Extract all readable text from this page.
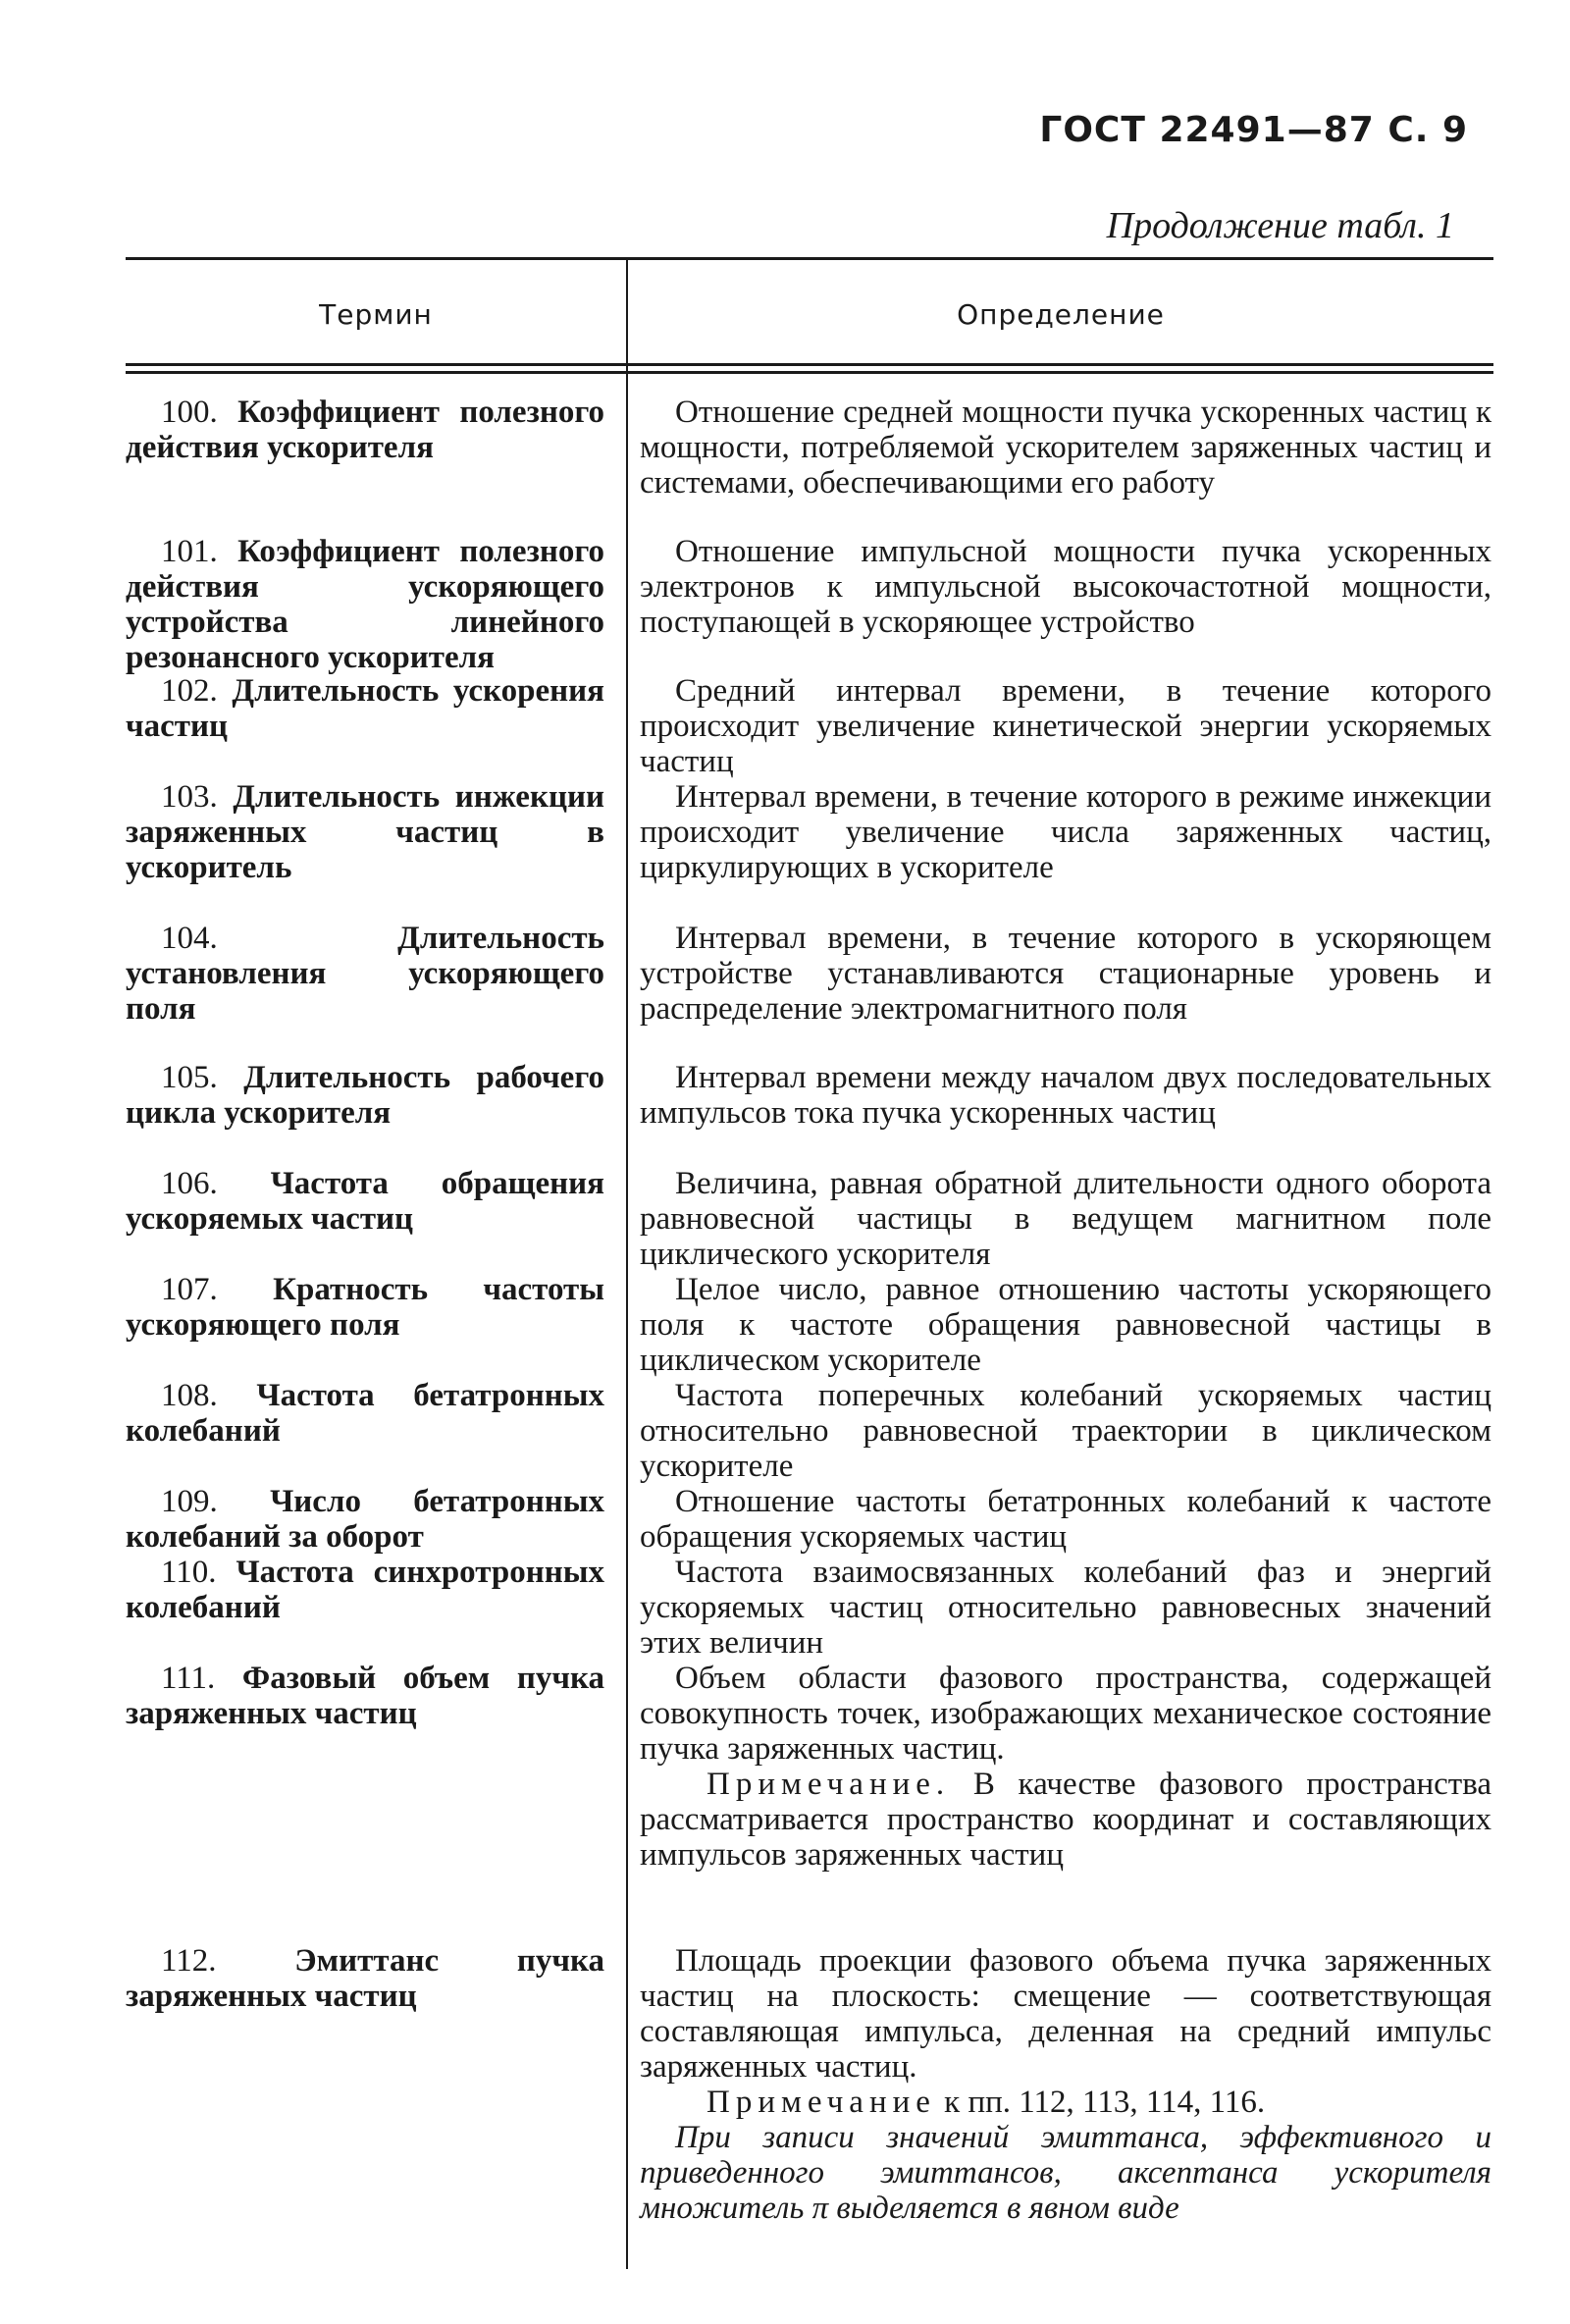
ГОСТ 22491—87 С. 9
Продолжение табл. 1
Термин	Определение

100. Коэффициент полезного действия ускорителя

Отношение средней мощности пучка ускоренных частиц к мощности, потребляемой ускорителем заряженных частиц и системами, обеспечивающими его работу

101. Коэффициент полезного действия ускоряющего устройства линейного резонансного ускорителя

Отношение импульсной мощности пучка ускоренных электронов к импульсной высокочастотной мощности, поступающей в ускоряющее устройство

102. Длительность ускорения частиц

Средний интервал времени, в течение которого происходит увеличение кинетической энергии ускоряемых частиц

103. Длительность инжекции заряженных частиц в ускоритель

Интервал времени, в течение которого в режиме инжекции происходит увеличение числа заряженных частиц, циркулирующих в ускорителе

104.	Длительность установления ускоряющего поля

Интервал времени, в течение которого в ускоряющем устройстве устанавливаются стационарные уровень и распределение электромагнитного поля

105. Длительность рабочего цикла ускорителя

Интервал времени между началом двух последовательных импульсов тока пучка ускоренных частиц

106. Частота обращения ускоряемых частиц

Величина, равная обратной длительности одного оборота равновесной частицы в ведущем магнитном поле циклического ускорителя

107. Кратность частоты ускоряющего поля

Целое число, равное отношению частоты ускоряющего поля к частоте обращения равновесной частицы в циклическом ускорителе

108. Частота бетатронных колебаний

Частота поперечных колебаний ускоряемых частиц относительно равновесной траектории в циклическом ускорителе

109. Число бетатронных колебаний за оборот

Отношение частоты бетатронных колебаний к частоте обращения ускоряемых частиц

110. Частота синхротронных колебаний

Частота взаимосвязанных колебаний фаз и энергий ускоряемых частиц относительно равновесных значений этих величин

111. Фазовый объем пучка заряженных частиц

Объем области фазового пространства, содержащей совокупность точек, изображающих механическое состояние пучка заряженных частиц.

Примечание. В качестве фазового пространства рассматривается пространство координат и составляющих импульсов заряженных частиц

112. Эмиттанс пучка заряженных частиц

Площадь проекции фазового объема пучка заряженных частиц на плоскость: смещение — соответствующая составляющая импульса, деленная на средний импульс заряженных частиц.

Примечание к пп. 112, 113, 114, 116.

При записи значений эмиттанса, эффективного и приведенного эмиттансов, аксептанса ускорителя множитель π выделяется в явном виде
